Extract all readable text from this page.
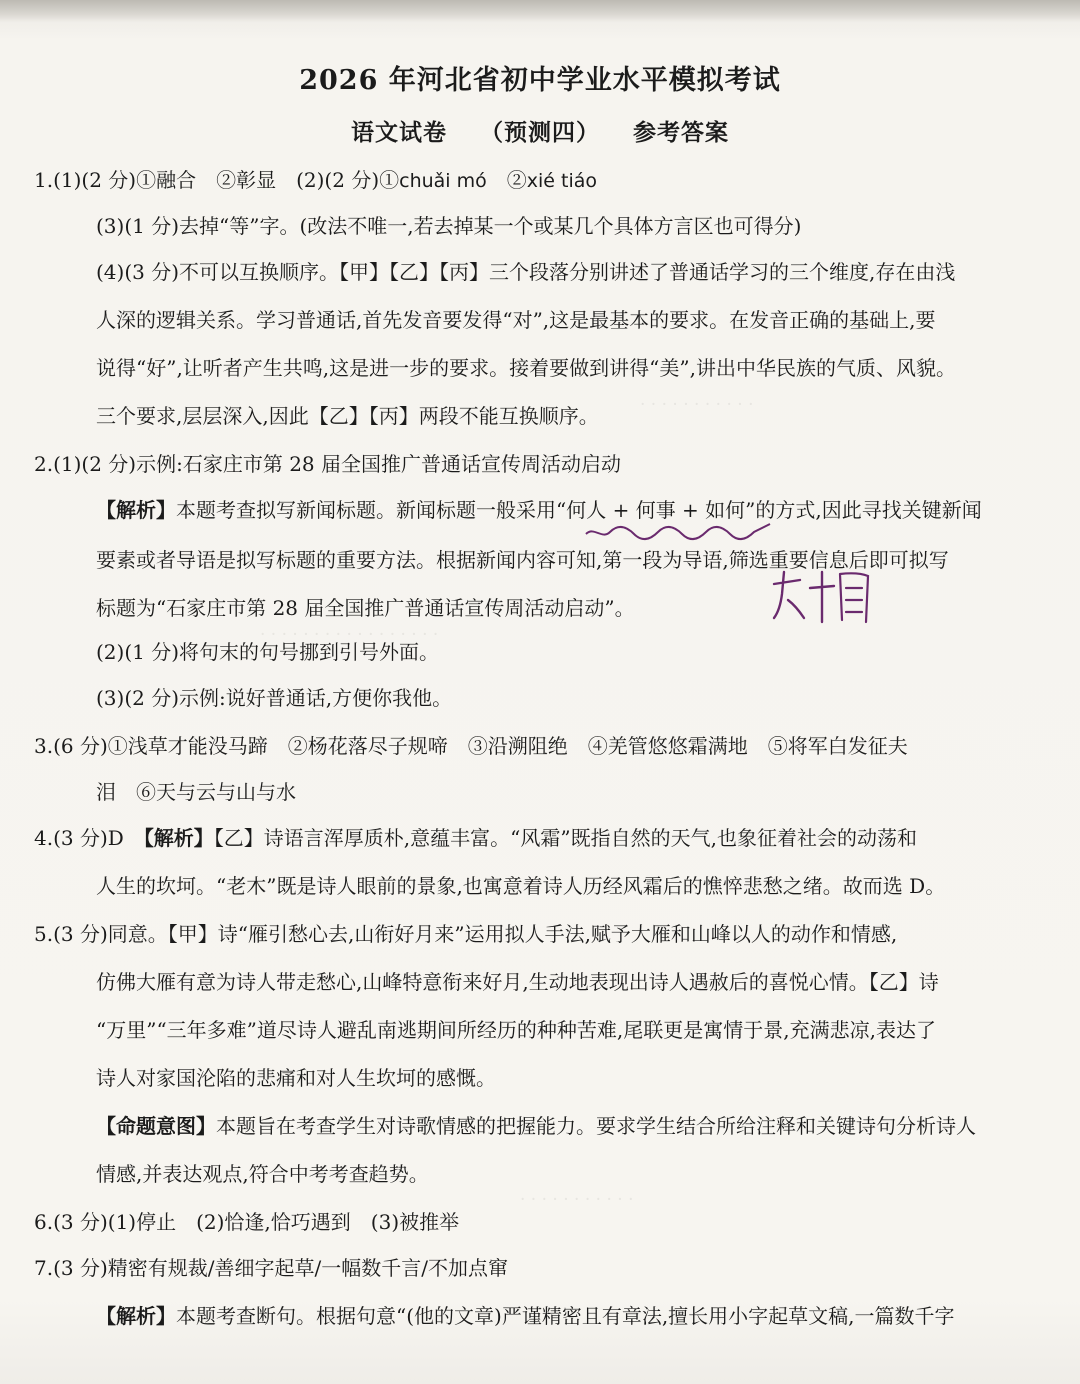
· · · · · · · · · · ·
· · · · · · · · · · · · · · · · ·
· · · · · · · · · · ·
2026 年河北省初中学业水平模拟考试
语文试卷 （预测四） 参考答案
1.(1)(2 分)①融合　②彰显　(2)(2 分)①chuǎi mó　②xié tiáo
(3)(1 分)去掉“等”字。(改法不唯一,若去掉某一个或某几个具体方言区也可得分)
(4)(3 分)不可以互换顺序。【甲】【乙】【丙】三个段落分别讲述了普通话学习的三个维度,存在由浅
人深的逻辑关系。学习普通话,首先发音要发得“对”,这是最基本的要求。在发音正确的基础上,要
说得“好”,让听者产生共鸣,这是进一步的要求。接着要做到讲得“美”,讲出中华民族的气质、风貌。
三个要求,层层深入,因此【乙】【丙】两段不能互换顺序。
2.(1)(2 分)示例:石家庄市第 28 届全国推广普通话宣传周活动启动
【解析】本题考查拟写新闻标题。新闻标题一般采用“何人 + 何事 + 如何”的方式,因此寻找关键新闻
要素或者导语是拟写标题的重要方法。根据新闻内容可知,第一段为导语,筛选重要信息后即可拟写
标题为“石家庄市第 28 届全国推广普通话宣传周活动启动”。
(2)(1 分)将句末的句号挪到引号外面。
(3)(2 分)示例:说好普通话,方便你我他。
3.(6 分)①浅草才能没马蹄　②杨花落尽子规啼　③沿溯阻绝　④羌管悠悠霜满地　⑤将军白发征夫
泪　⑥天与云与山与水
4.(3 分)D　【解析】【乙】诗语言浑厚质朴,意蕴丰富。“风霜”既指自然的天气,也象征着社会的动荡和
人生的坎坷。“老木”既是诗人眼前的景象,也寓意着诗人历经风霜后的憔悴悲愁之绪。故而选 D。
5.(3 分)同意。【甲】诗“雁引愁心去,山衔好月来”运用拟人手法,赋予大雁和山峰以人的动作和情感,
仿佛大雁有意为诗人带走愁心,山峰特意衔来好月,生动地表现出诗人遇赦后的喜悦心情。【乙】诗
“万里”“三年多难”道尽诗人避乱南逃期间所经历的种种苦难,尾联更是寓情于景,充满悲凉,表达了
诗人对家国沦陷的悲痛和对人生坎坷的感慨。
【命题意图】本题旨在考查学生对诗歌情感的把握能力。要求学生结合所给注释和关键诗句分析诗人
情感,并表达观点,符合中考考查趋势。
6.(3 分)(1)停止　(2)恰逢,恰巧遇到　(3)被推举
7.(3 分)精密有规裁/善细字起草/一幅数千言/不加点窜
【解析】本题考查断句。根据句意“(他的文章)严谨精密且有章法,擅长用小字起草文稿,一篇数千字
